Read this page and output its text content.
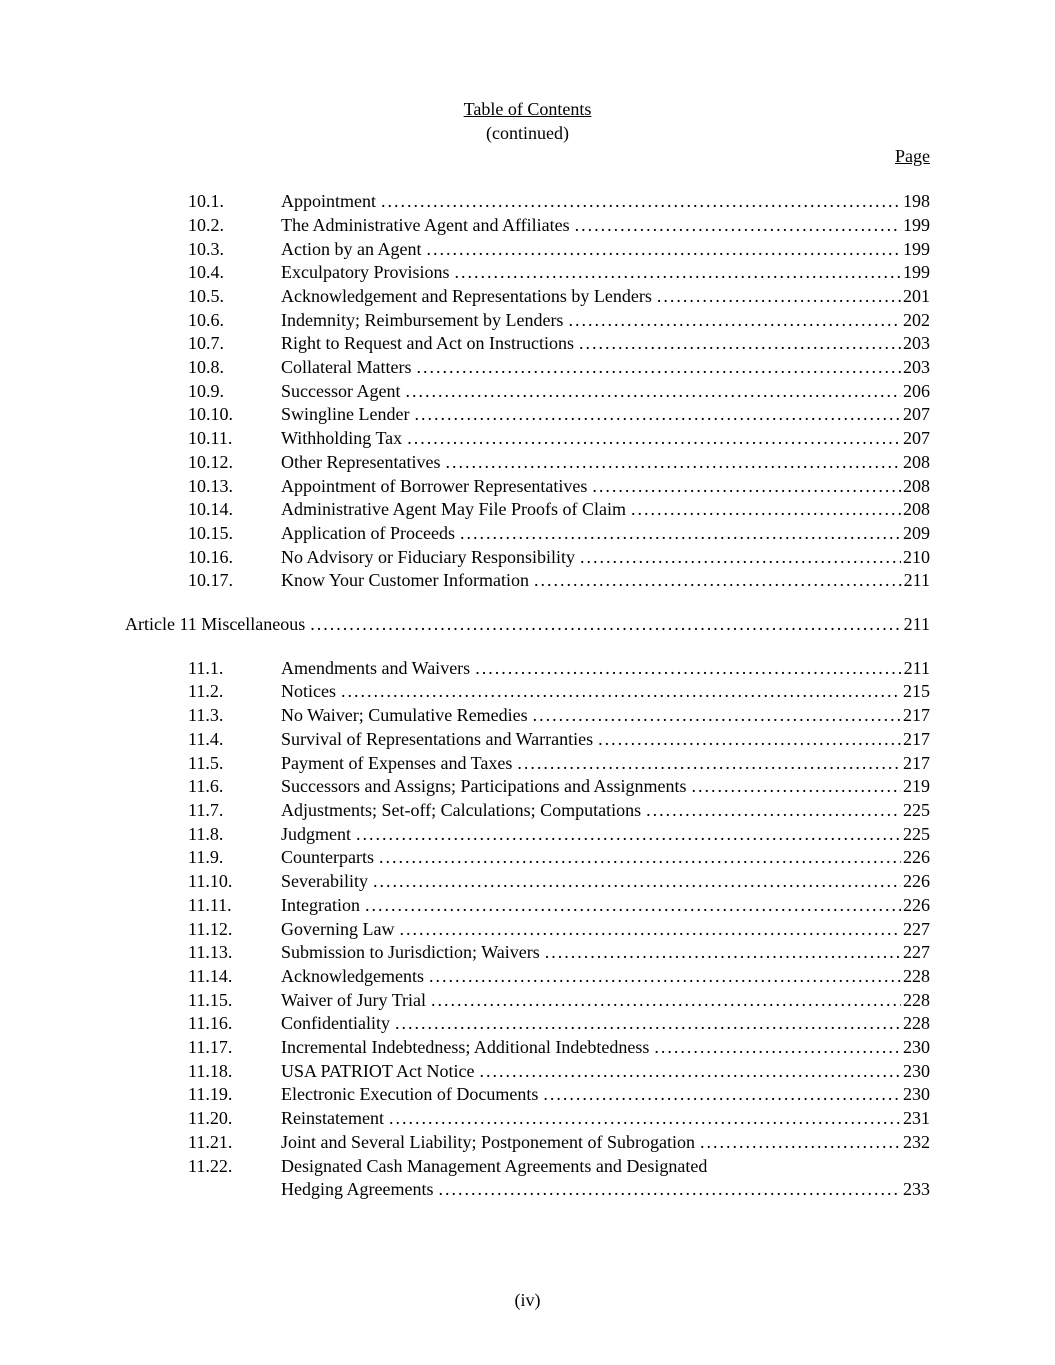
Table of Contents
(continued)
Page
10.1.	Appointment .....	198
10.2.	The Administrative Agent and Affiliates .....	199
10.3.	Action by an Agent .....	199
10.4.	Exculpatory Provisions .....	199
10.5.	Acknowledgement and Representations by Lenders .....	201
10.6.	Indemnity; Reimbursement by Lenders .....	202
10.7.	Right to Request and Act on Instructions .....	203
10.8.	Collateral Matters .....	203
10.9.	Successor Agent .....	206
10.10.	Swingline Lender .....	207
10.11.	Withholding Tax .....	207
10.12.	Other Representatives .....	208
10.13.	Appointment of Borrower Representatives .....	208
10.14.	Administrative Agent May File Proofs of Claim .....	208
10.15.	Application of Proceeds .....	209
10.16.	No Advisory or Fiduciary Responsibility .....	210
10.17.	Know Your Customer Information .....	211
Article 11 Miscellaneous .....	211
11.1.	Amendments and Waivers .....	211
11.2.	Notices .....	215
11.3.	No Waiver; Cumulative Remedies .....	217
11.4.	Survival of Representations and Warranties .....	217
11.5.	Payment of Expenses and Taxes .....	217
11.6.	Successors and Assigns; Participations and Assignments .....	219
11.7.	Adjustments; Set-off; Calculations; Computations .....	225
11.8.	Judgment .....	225
11.9.	Counterparts .....	226
11.10.	Severability .....	226
11.11.	Integration .....	226
11.12.	Governing Law .....	227
11.13.	Submission to Jurisdiction; Waivers .....	227
11.14.	Acknowledgements .....	228
11.15.	Waiver of Jury Trial .....	228
11.16.	Confidentiality .....	228
11.17.	Incremental Indebtedness; Additional Indebtedness .....	230
11.18.	USA PATRIOT Act Notice .....	230
11.19.	Electronic Execution of Documents .....	230
11.20.	Reinstatement .....	231
11.21.	Joint and Several Liability; Postponement of Subrogation .....	232
11.22.	Designated Cash Management Agreements and Designated
Hedging Agreements .....	233
(iv)
